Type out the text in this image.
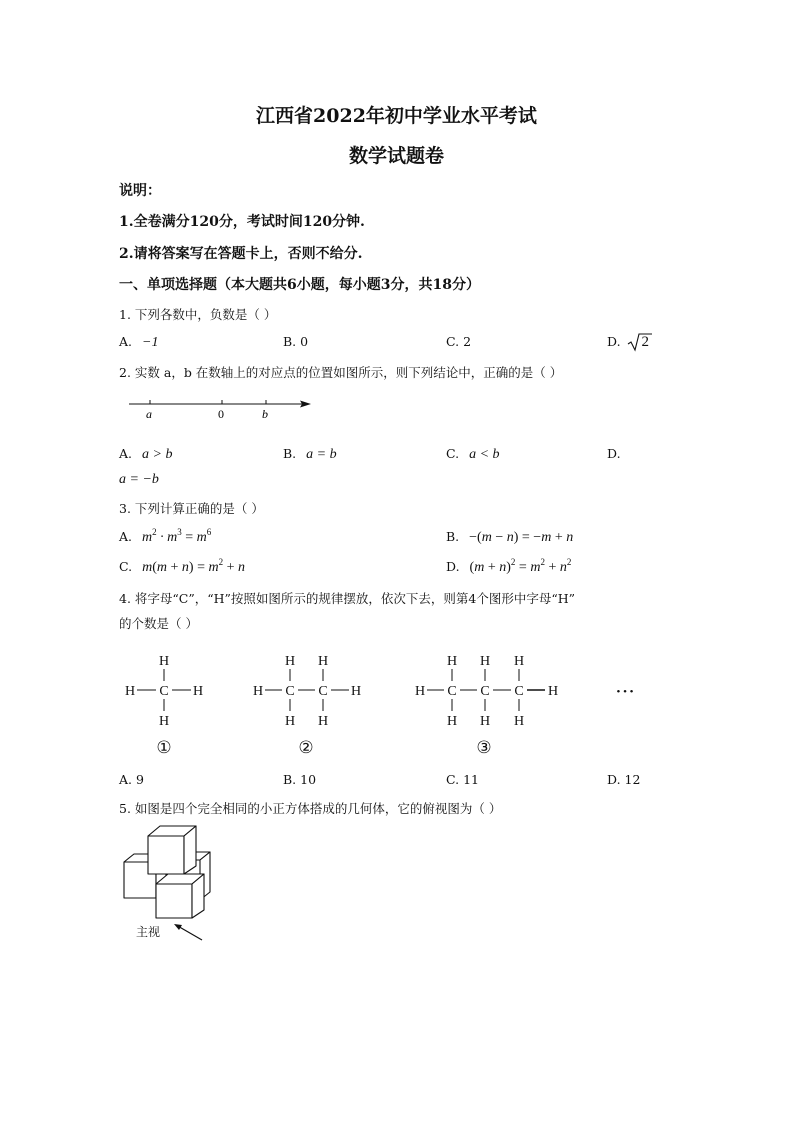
江西省2022年初中学业水平考试
数学试题卷
说明：
1.全卷满分120分，考试时间120分钟.
2.请将答案写在答题卡上，否则不给分.
一、单项选择题（本大题共6小题，每小题3分，共18分）
1. 下列各数中，负数是（ ）
A. −1	B. 0	C. 2	D. 2
2. 实数 a，b 在数轴上的对应点的位置如图所示，则下列结论中，正确的是（ ）
a	0	b
A. a > b	B. a = b	C. a < b	D.
a = −b
3. 下列计算正确的是（ ）
A. $m^2 \cdot m^3 = m^6$	B. −(m − n) = −m + n
C. $m(m + n) = m^2 + n$	D. $(m + n)^2 = m^2 + n^2$
4. 将字母“C”，“H”按照如图所示的规律摆放，依次下去，则第4个图形中字母“H”
的个数是（ ）
H
H C H
H
①
H H
H C C H
H H
②
H H H
H C C C H
H H H
③
• • •
A. 9	B. 10	C. 11	D. 12
5. 如图是四个完全相同的小正方体搭成的几何体，它的俯视图为（ ）
主视
